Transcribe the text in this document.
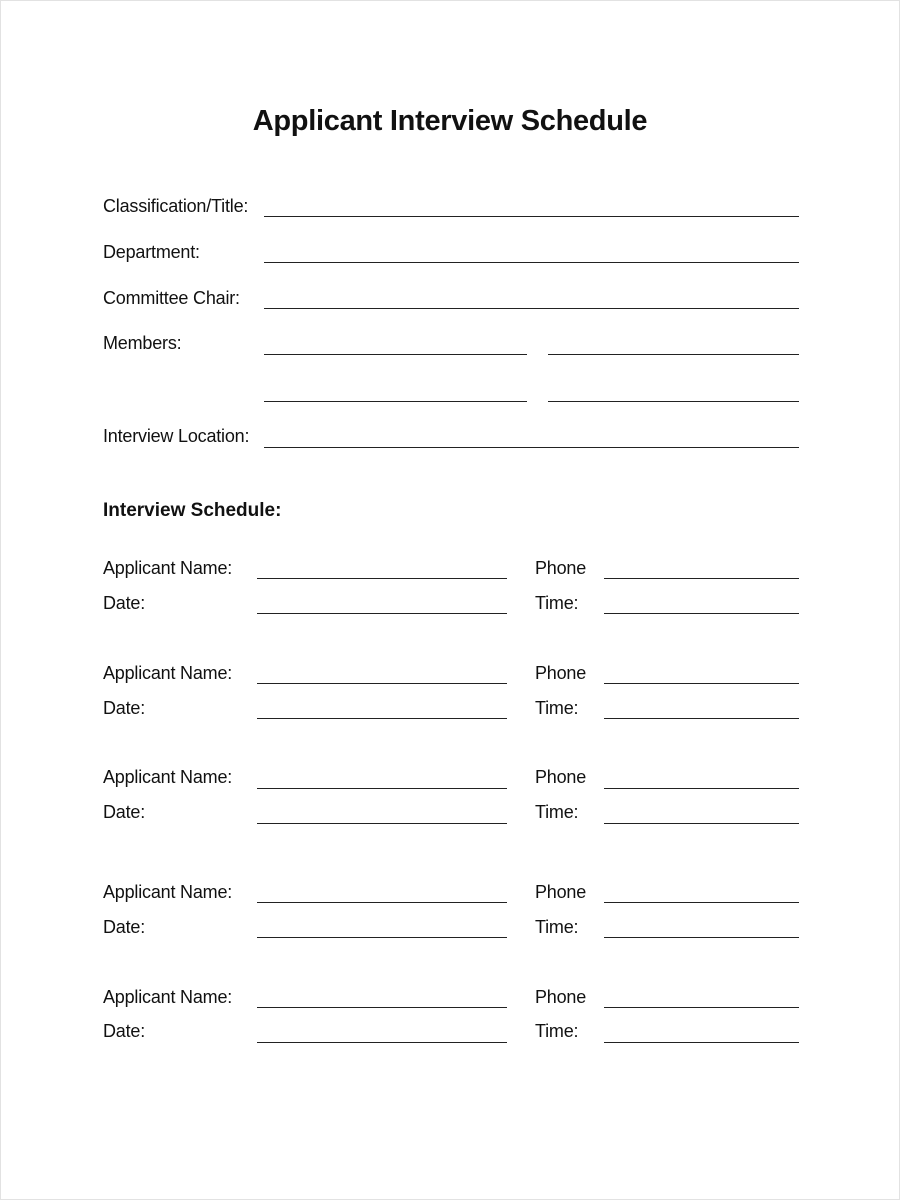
Applicant Interview Schedule
Classification/Title:
Department:
Committee Chair:
Members:
Interview Location:
Interview Schedule:
Applicant Name:	Phone
Date:	Time:
Applicant Name:	Phone
Date:	Time:
Applicant Name:	Phone
Date:	Time:
Applicant Name:	Phone
Date:	Time:
Applicant Name:	Phone
Date:	Time:
